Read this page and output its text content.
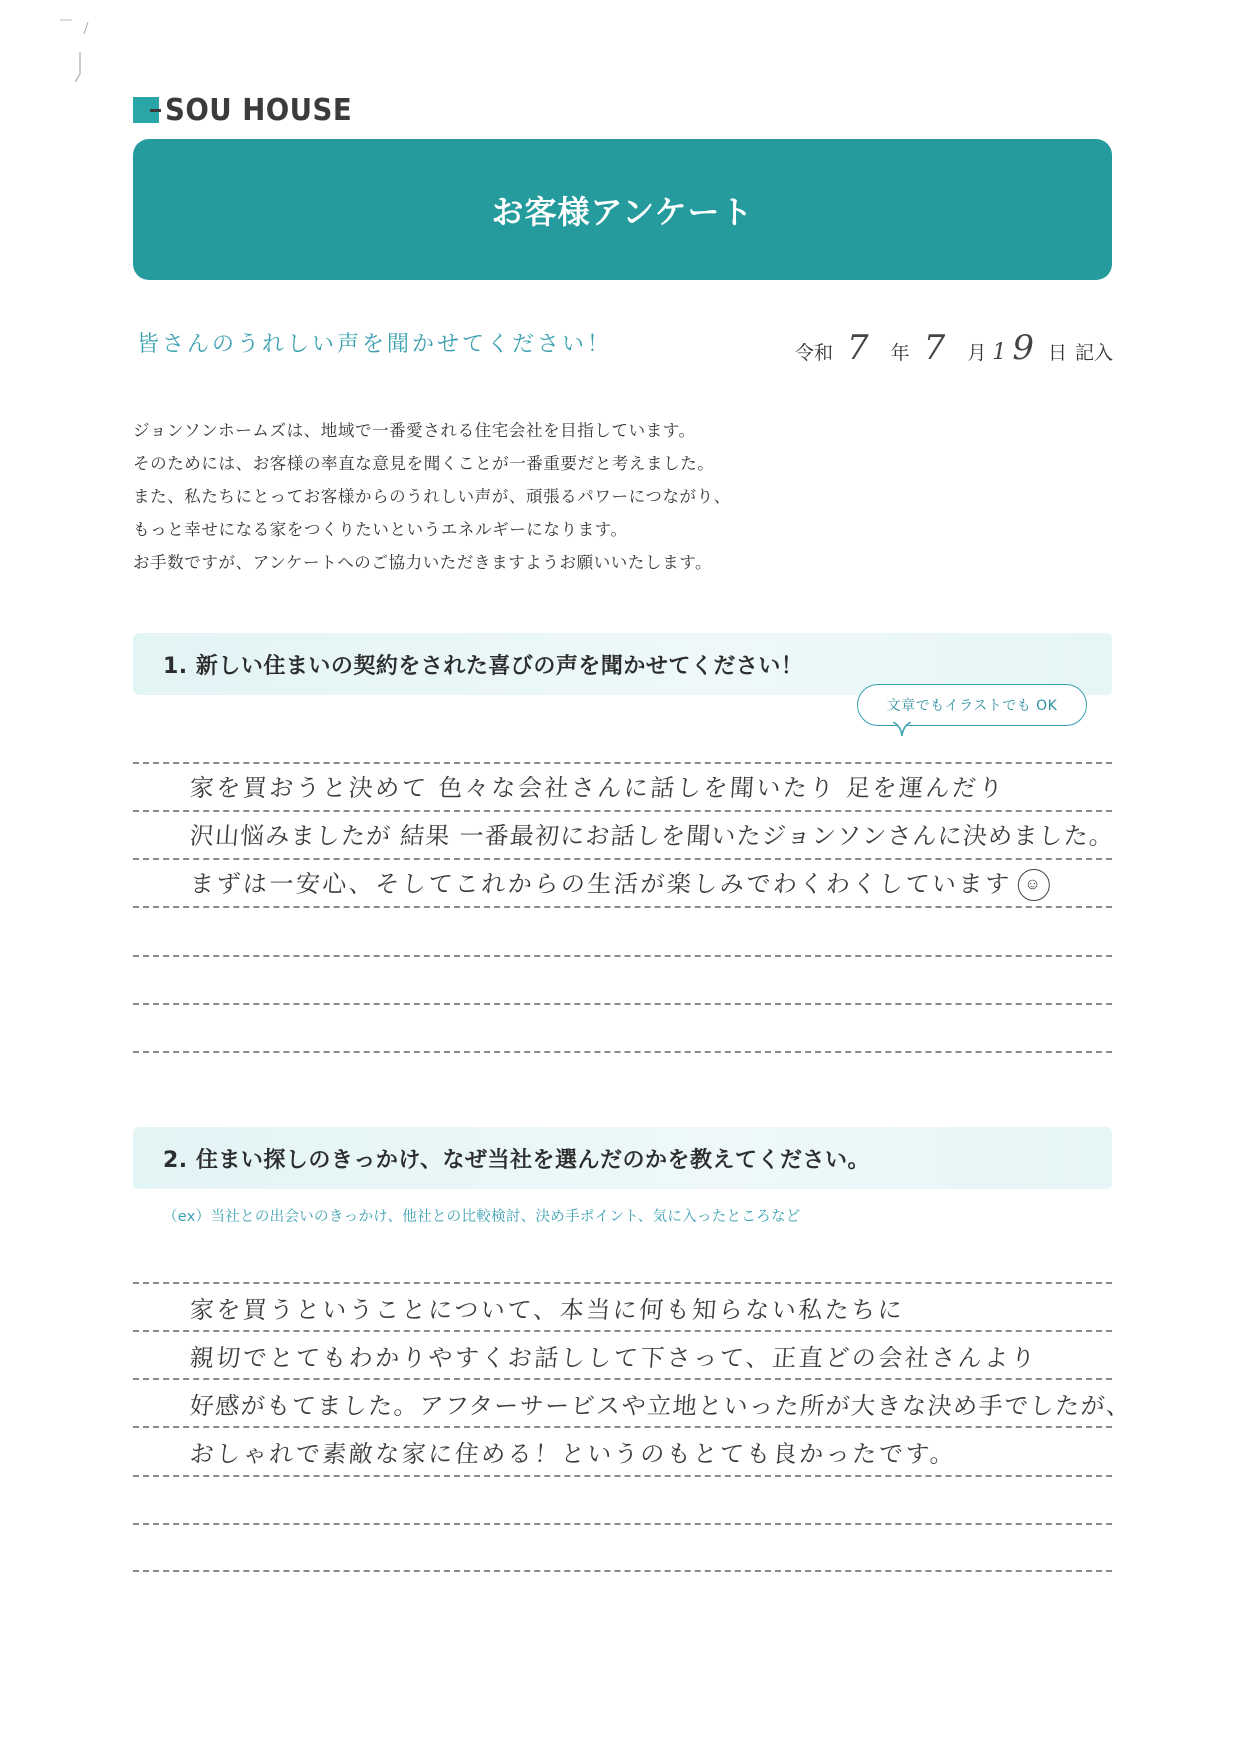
SOU HOUSE
お客様アンケート
皆さんのうれしい声を聞かせてください！	令和 7 年 7 月 1 9 日 記入

ジョンソンホームズは、地域で一番愛される住宅会社を目指しています。

そのためには、お客様の率直な意見を聞くことが一番重要だと考えました。

また、私たちにとってお客様からのうれしい声が、頑張るパワーにつながり、

もっと幸せになる家をつくりたいというエネルギーになります。

お手数ですが、アンケートへのご協力いただきますようお願いいたします。

1. 新しい住まいの契約をされた喜びの声を聞かせてください！
文章でもイラストでも OK
家を買おうと決めて 色々な会社さんに話しを聞いたり 足を運んだり
沢山悩みましたが 結果 一番最初にお話しを聞いたジョンソンさんに決めました。
まずは一安心、そしてこれからの生活が楽しみでわくわくしています ☺
2. 住まい探しのきっかけ、なぜ当社を選んだのかを教えてください。
（ex）当社との出会いのきっかけ、他社との比較検討、決め手ポイント、気に入ったところなど
家を買うということについて、本当に何も知らない私たちに
親切でとてもわかりやすくお話しして下さって、正直どの会社さんより
好感がもてました。アフターサービスや立地といった所が大きな決め手でしたが、
おしゃれで素敵な家に住める！というのもとても良かったです。
